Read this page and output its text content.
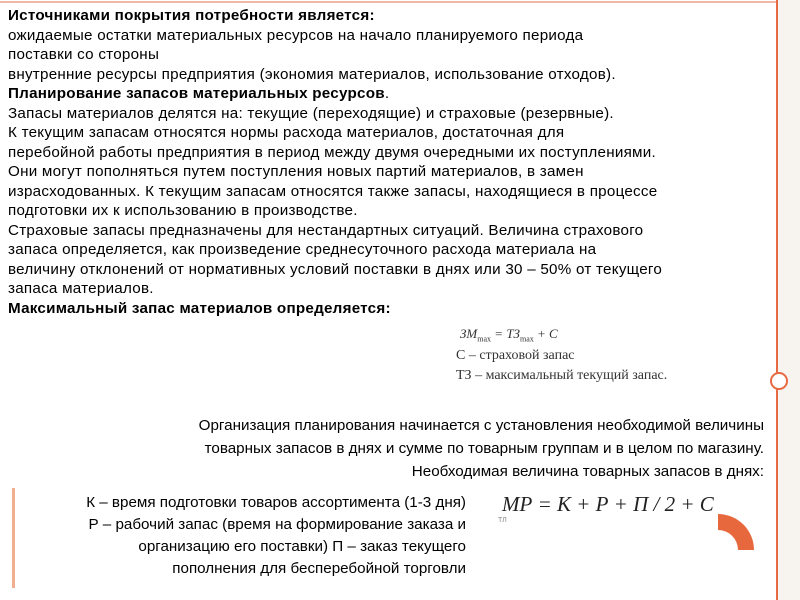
Источниками покрытия потребности является:
ожидаемые остатки материальных ресурсов на начало планируемого периода
поставки со стороны
внутренние ресурсы предприятия (экономия материалов, использование отходов).
Планирование запасов материальных ресурсов.
Запасы материалов делятся на: текущие (переходящие) и страховые (резервные).
К текущим запасам относятся нормы расхода материалов, достаточная для
перебойной работы предприятия в период между двумя очередными их поступлениями.
Они могут пополняться путем поступления новых партий материалов, в замен
израсходованных. К текущим запасам относятся также запасы, находящиеся в процессе
подготовки их к использованию в производстве.
Страховые запасы предназначены для нестандартных ситуаций. Величина страхового
запаса определяется, как произведение среднесуточного расхода материала на
величину отклонений от нормативных условий поставки в днях или 30 – 50% от текущего
запаса материалов.
Максимальный запас материалов определяется:
$ЗМ_{max} = ТЗ_{max} + С$
С – страховой запас
ТЗ – максимальный текущий запас.
Организация планирования начинается с установления необходимой величины
товарных запасов в днях и сумме по товарным группам и в целом по магазину.
Необходимая величина товарных запасов в днях:
К – время подготовки товаров ассортимента (1-3 дня)
Р – рабочий запас (время на формирование заказа и
организацию его поставки) П – заказ текущего
пополнения для бесперебойной торговли
МР = К + Р + П / 2 + С
ТЛ
